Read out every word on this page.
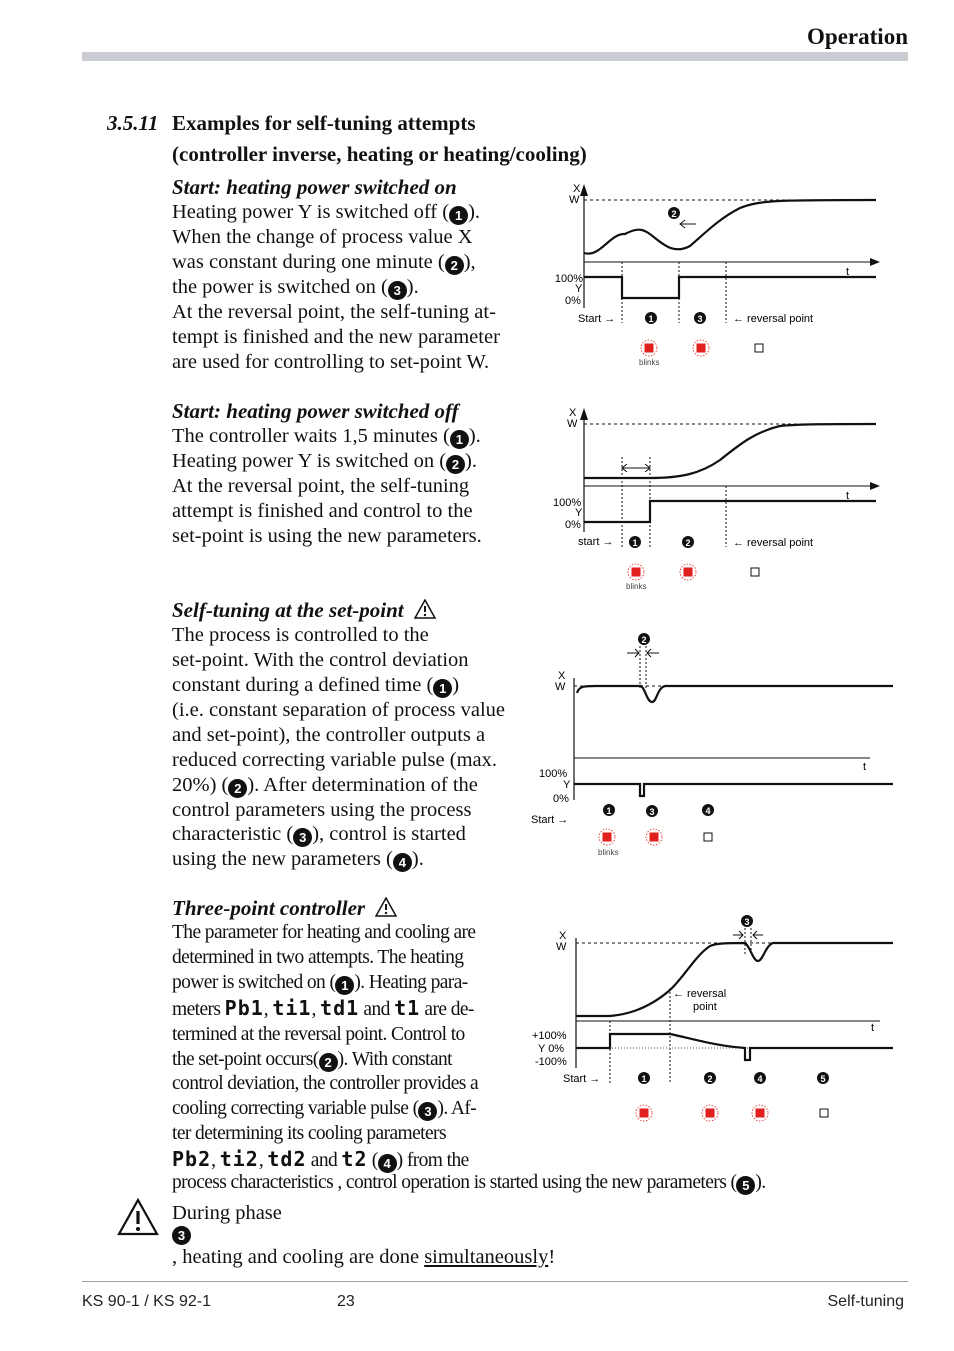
Operation
3.5.11 Examples for self-tuning attempts
(controller inverse, heating or heating/cooling)
Start: heating power switched on
Heating power Y is switched off ( 1 ).
When the change of process value X
was constant during one minute ( 2 ),
the power is switched on ( 3 ).
At the reversal point, the self-tuning at-
tempt is finished and the new parameter
are used for controlling to set-point W.
Start: heating power switched off
The controller waits 1,5 minutes ( 1 ).
Heating power Y is switched on ( 2 ).
At the reversal point, the self-tuning
attempt is finished and control to the
set-point is using the new parameters.
Self-tuning at the set-point
The process is controlled to the
set-point. With the control deviation
constant during a defined time ( 1 )
(i.e. constant separation of process value
and set-point), the controller outputs a
reduced correcting variable pulse (max.
20%) ( 2 ). After determination of the
control parameters using the process
characteristic ( 3 ), control is started
using the new parameters ( 4 ).
Three-point controller
The parameter for heating and cooling are
determined in two attempts. The heating
power is switched on ( 1 ). Heating para-
meters Pb1, ti1, td1 and t1 are de-
termined at the reversal point. Control to
the set-point occurs( 2 ). With constant
control deviation, the controller provides a
cooling correcting variable pulse ( 3 ). Af-
ter determining its cooling parameters
Pb2, ti2, td2 and t2 ( 4 ) from the
process characteristics , control operation is started using the new parameters ( 5 ).
During phase
3
, heating and cooling are done simultaneously!
X
W
t
100%
Y
0%
2
Start →	1	3	← reversal point
blinks
X
W
t
100%
Y
0%
start → 1	2	← reversal point
blinks
2
X
W
t
100%
Y
0%
Start →
1	3	4
blinks
3
X
W
t
← reversal
point
+100%
Y 0%
-100%
Start →	1	2	4	5
KS 90-1 / KS 92-1	23	Self-tuning
